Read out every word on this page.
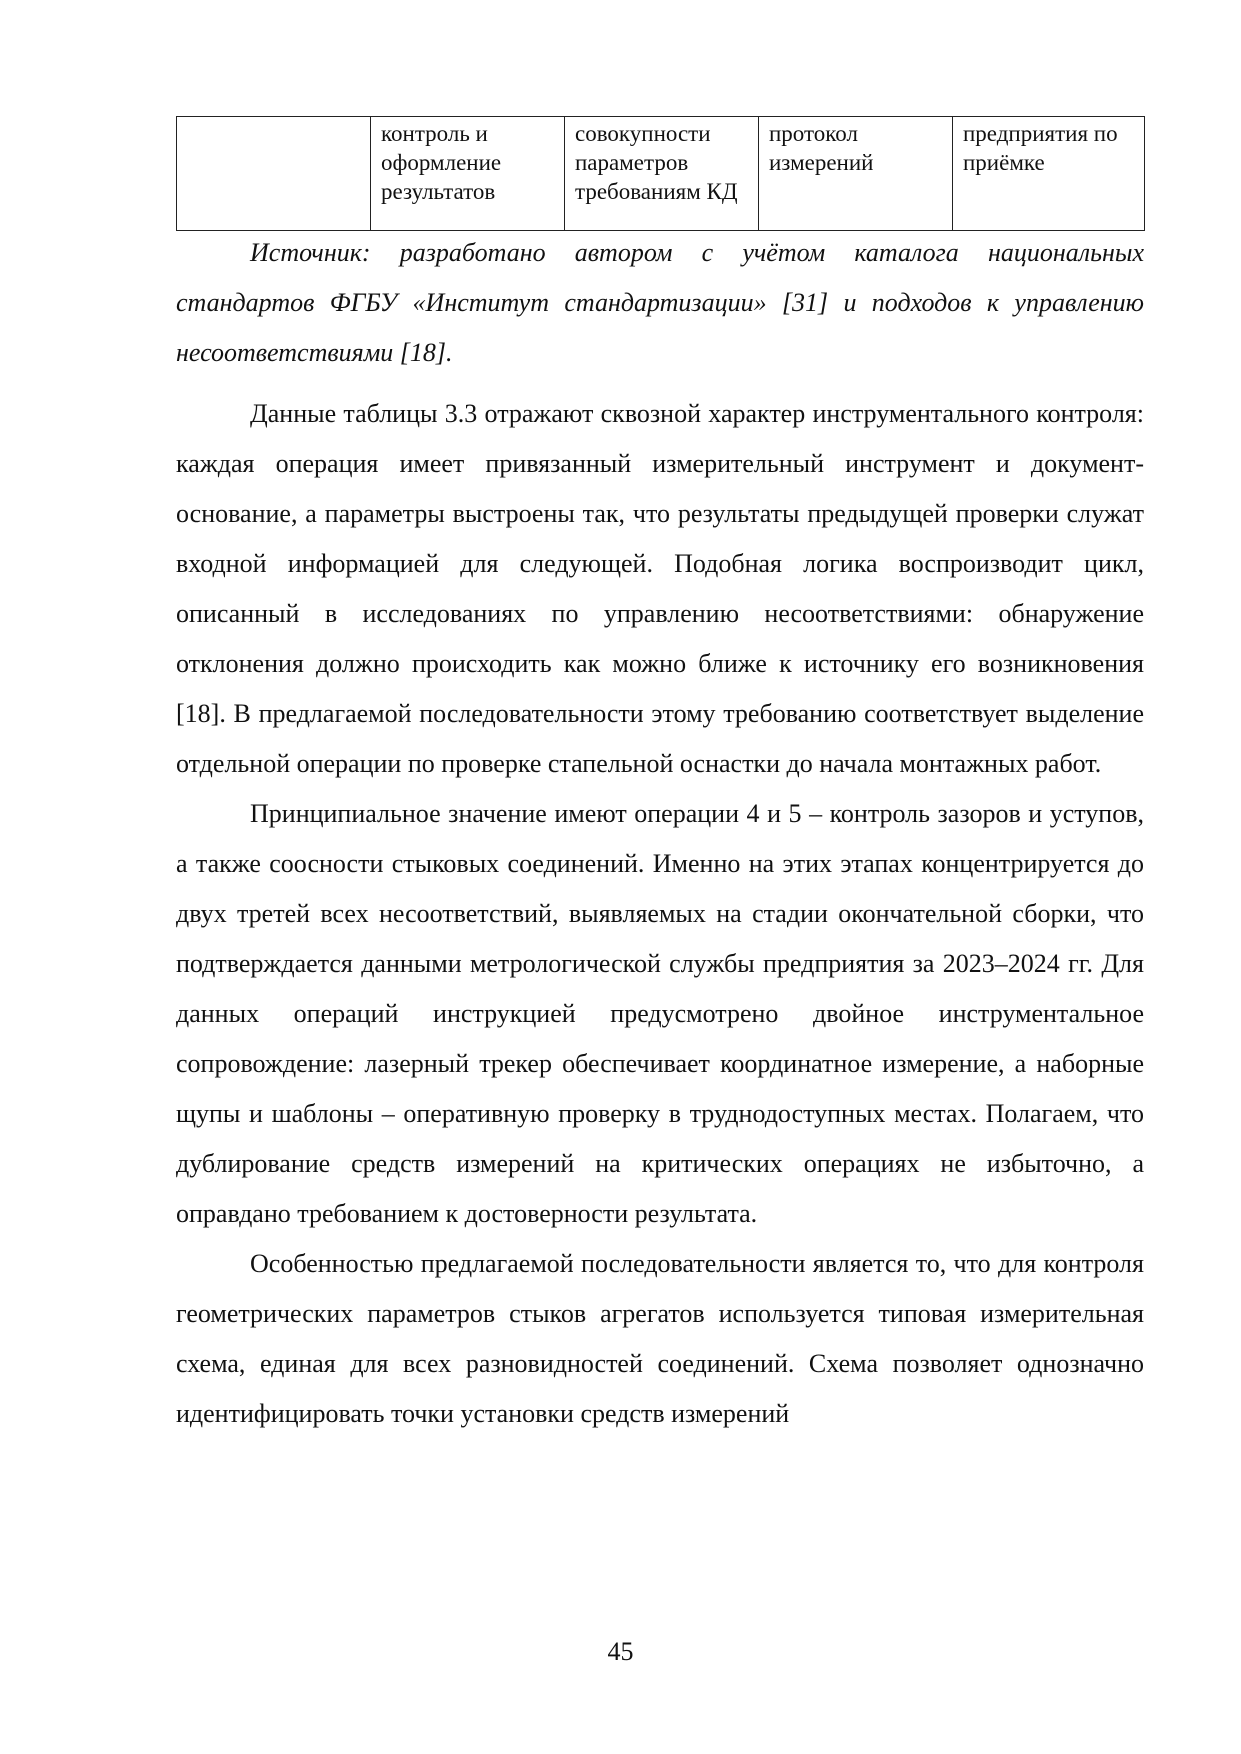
	контроль и оформление результатов	совокупности параметров требованиям КД	протокол измерений	предприятия по приёмке

Источник: разработано автором с учётом каталога национальных стандартов ФГБУ «Институт стандартизации» [31] и подходов к управлению несоответствиями [18].

Данные таблицы 3.3 отражают сквозной характер инструментального контроля: каждая операция имеет привязанный измерительный инструмент и документ-основание, а параметры выстроены так, что результаты предыдущей проверки служат входной информацией для следующей. Подобная логика воспроизводит цикл, описанный в исследованиях по управлению несоответствиями: обнаружение отклонения должно происходить как можно ближе к источнику его возникновения [18]. В предлагаемой последовательности этому требованию соответствует выделение отдельной операции по проверке стапельной оснастки до начала монтажных работ.

Принципиальное значение имеют операции 4 и 5 – контроль зазоров и уступов, а также соосности стыковых соединений. Именно на этих этапах концентрируется до двух третей всех несоответствий, выявляемых на стадии окончательной сборки, что подтверждается данными метрологической службы предприятия за 2023–2024 гг. Для данных операций инструкцией предусмотрено двойное инструментальное сопровождение: лазерный трекер обеспечивает координатное измерение, а наборные щупы и шаблоны – оперативную проверку в труднодоступных местах. Полагаем, что дублирование средств измерений на критических операциях не избыточно, а оправдано требованием к достоверности результата.

Особенностью предлагаемой последовательности является то, что для контроля геометрических параметров стыков агрегатов используется типовая измерительная схема, единая для всех разновидностей соединений. Схема позволяет однозначно идентифицировать точки установки средств измерений

45
